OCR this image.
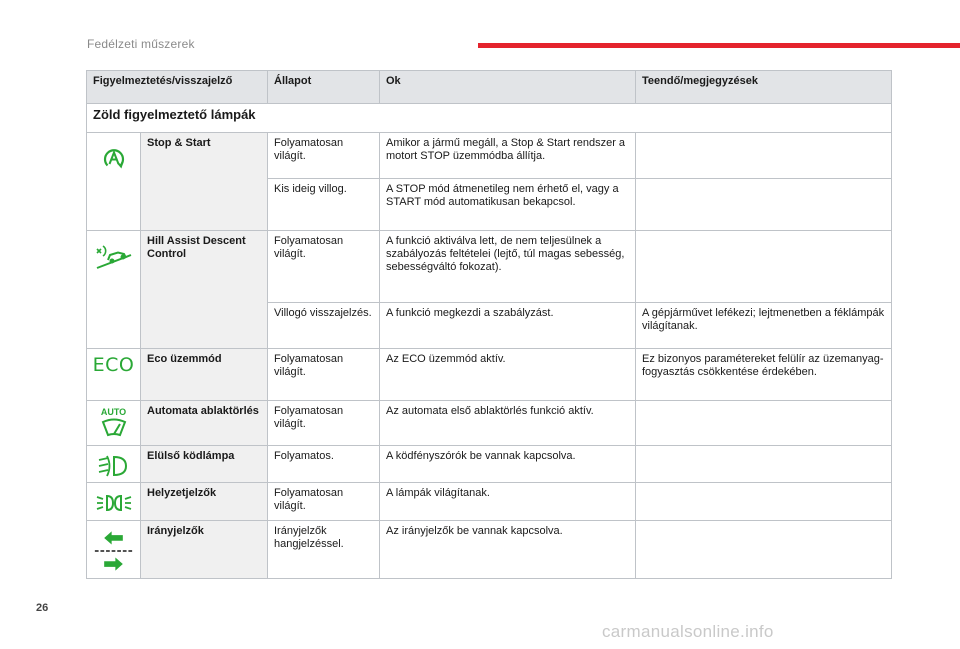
Fedélzeti műszerek
Figyelmeztetés/visszajelző		Állapot	Ok	Teendő/megjegyzések
Zöld figyelmeztető lámpák				

	Stop & Start	Folyamatosan világít.	Amikor a jármű megáll, a Stop & Start rendszer a motort STOP üzemmódba állítja.	
		Kis ideig villog.	A STOP mód átmenetileg nem érhető el, vagy a START mód automatikusan bekapcsol.	

	Hill Assist Descent Control	Folyamatosan világít.	A funkció aktiválva lett, de nem teljesülnek a szabályozás feltételei (lejtő, túl magas sebesség, sebességváltó fokozat).	
		Villogó visszajelzés.	A funkció megkezdi a szabályzást.	A gépjárművet lefékezi; lejtmenetben a féklámpák világítanak.

ECO	Eco üzemmód	Folyamatosan világít.	Az ECO üzemmód aktív.	Ez bizonyos paramétereket felülír az üzemanyag-fogyasztás csökkentése érdekében.

AUTO	Automata ablaktörlés	Folyamatosan világít.	Az automata első ablaktörlés funkció aktív.	

	Elülső ködlámpa	Folyamatos.	A ködfényszórók be vannak kapcsolva.	

	Helyzetjelzők	Folyamatosan világít.	A lámpák világítanak.	

	Irányjelzők	Irányjelzők hangjelzéssel.	Az irányjelzők be vannak kapcsolva.	
26
carmanualsonline.info
